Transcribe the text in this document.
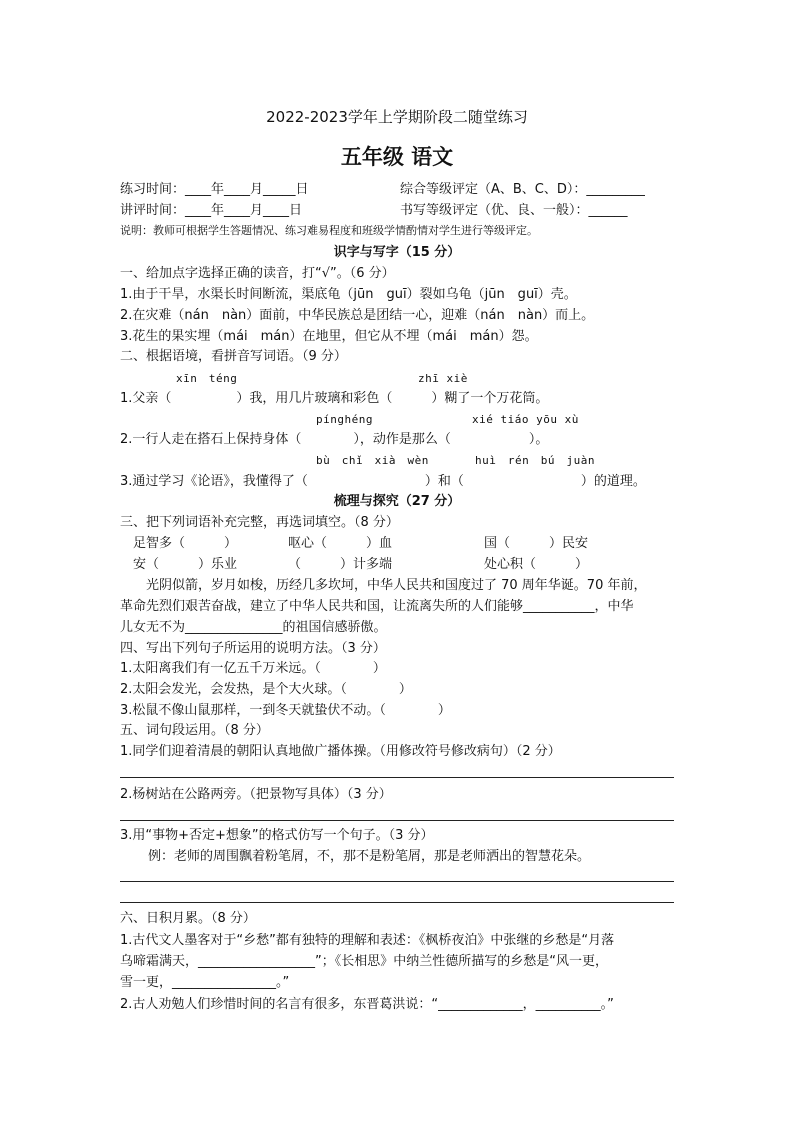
2022-2023学年上学期阶段二随堂练习
五年级 语文
练习时间：____年____月_____日	综合等级评定（A、B、C、D）：_________
讲评时间：____年____月____日	书写等级评定（优、良、一般）：______
说明：教师可根据学生答题情况、练习难易程度和班级学情酌情对学生进行等级评定。
识字与写字（15 分）
一、给加点字选择正确的读音，打“√”。（6 分）
1.由于干旱，水渠长时间断流，渠底龟（jūn　guī）裂如乌龟（jūn　guī）壳。
2.在灾难（nán　nàn）面前，中华民族总是团结一心，迎难（nán　nàn）而上。
3.花生的果实埋（mái　mán）在地里，但它从不埋（mái　mán）怨。
二、根据语境，看拼音写词语。（9 分）
xīn　téng	zhī xiè
1.父亲（　　　　　）我，用几片玻璃和彩色（　　　）糊了一个万花筒。
pínghéng	xié tiáo yōu xù
2.一行人走在搭石上保持身体（　　　　），动作是那么（　　　　　　）。
bù　chǐ　xià　wèn	huì　rén　bú　juàn
3.通过学习《论语》，我懂得了（　　　　　　　　　）和（　　　　　　　　　）的道理。
梳理与探究（27 分）
三、把下列词语补充完整，再选词填空。（8 分）
足智多（　　　）	呕心（　　　）血	国（　　　）民安
安（　　　）乐业	（　　　）计多端	处心积（　　　）
光阴似箭，岁月如梭，历经几多坎坷，中华人民共和国度过了 70 周年华诞。70 年前，
革命先烈们艰苦奋战，建立了中华人民共和国，让流离失所的人们能够___________，中华
儿女无不为_______________的祖国信感骄傲。
四、写出下列句子所运用的说明方法。（3 分）
1.太阳离我们有一亿五千万米远。（　　　　）
2.太阳会发光，会发热，是个大火球。（　　　　）
3.松鼠不像山鼠那样，一到冬天就蛰伏不动。（　　　　）
五、词句段运用。（8 分）
1.同学们迎着清晨的朝阳认真地做广播体操。（用修改符号修改病句）（2 分）
2.杨树站在公路两旁。（把景物写具体）（3 分）
3.用“事物+否定+想象”的格式仿写一个句子。（3 分）
例：老师的周围飘着粉笔屑，不，那不是粉笔屑，那是老师洒出的智慧花朵。
六、日积月累。（8 分）
1.古代文人墨客对于“乡愁”都有独特的理解和表述：《枫桥夜泊》中张继的乡愁是“月落
乌啼霜满天，__________________”；《长相思》中纳兰性德所描写的乡愁是“风一更，
雪一更，________________。”
2.古人劝勉人们珍惜时间的名言有很多，东晋葛洪说：“_____________，__________。”
